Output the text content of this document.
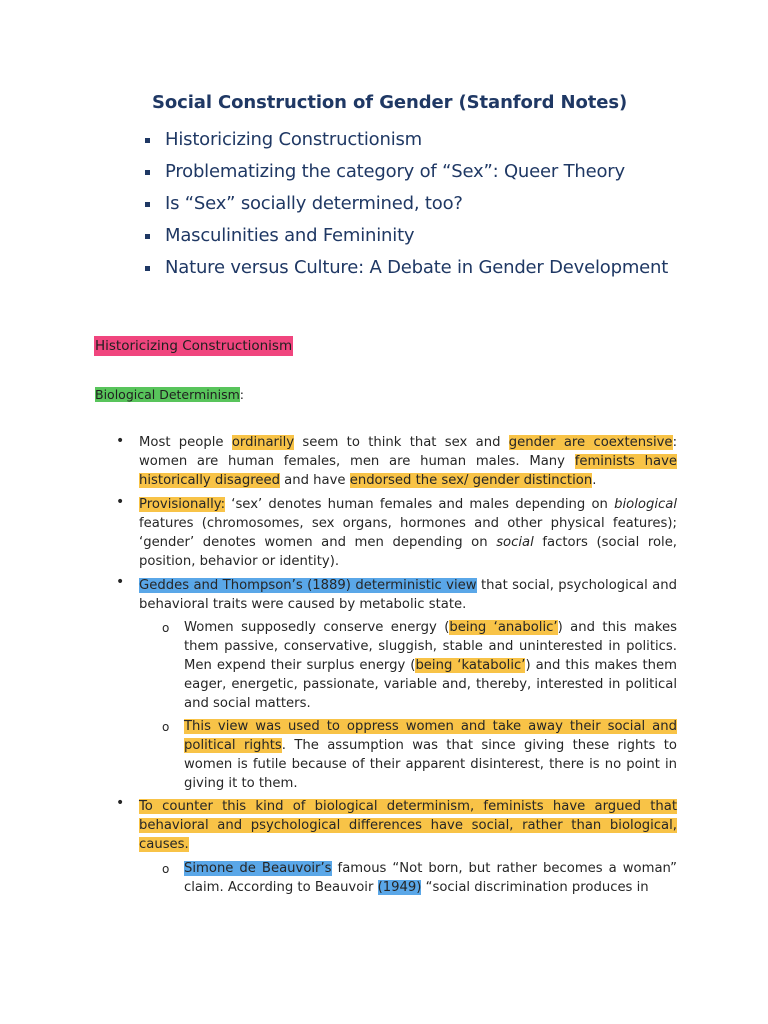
Social Construction of Gender (Stanford Notes)
Historicizing Constructionism
Problematizing the category of “Sex”: Queer Theory
Is “Sex” socially determined, too?
Masculinities and Femininity
Nature versus Culture: A Debate in Gender Development
Historicizing Constructionism
Biological Determinism:
• Most people ordinarily seem to think that sex and gender are coextensive: women are human females, men are human males. Many feminists have historically disagreed and have endorsed the sex/ gender distinction.
• Provisionally: ‘sex’ denotes human females and males depending on biological features (chromosomes, sex organs, hormones and other physical features); ‘gender’ denotes women and men depending on social factors (social role, position, behavior or identity).
• Geddes and Thompson’s (1889) deterministic view that social, psychological and behavioral traits were caused by metabolic state.
o Women supposedly conserve energy (being ‘anabolic’) and this makes them passive, conservative, sluggish, stable and uninterested in politics. Men expend their surplus energy (being ‘katabolic’) and this makes them eager, energetic, passionate, variable and, thereby, interested in political and social matters.
o This view was used to oppress women and take away their social and political rights. The assumption was that since giving these rights to women is futile because of their apparent disinterest, there is no point in giving it to them.
• To counter this kind of biological determinism, feminists have argued that behavioral and psychological differences have social, rather than biological, causes.
o Simone de Beauvoir’s famous “Not born, but rather becomes a woman” claim. According to Beauvoir (1949) “social discrimination produces in
